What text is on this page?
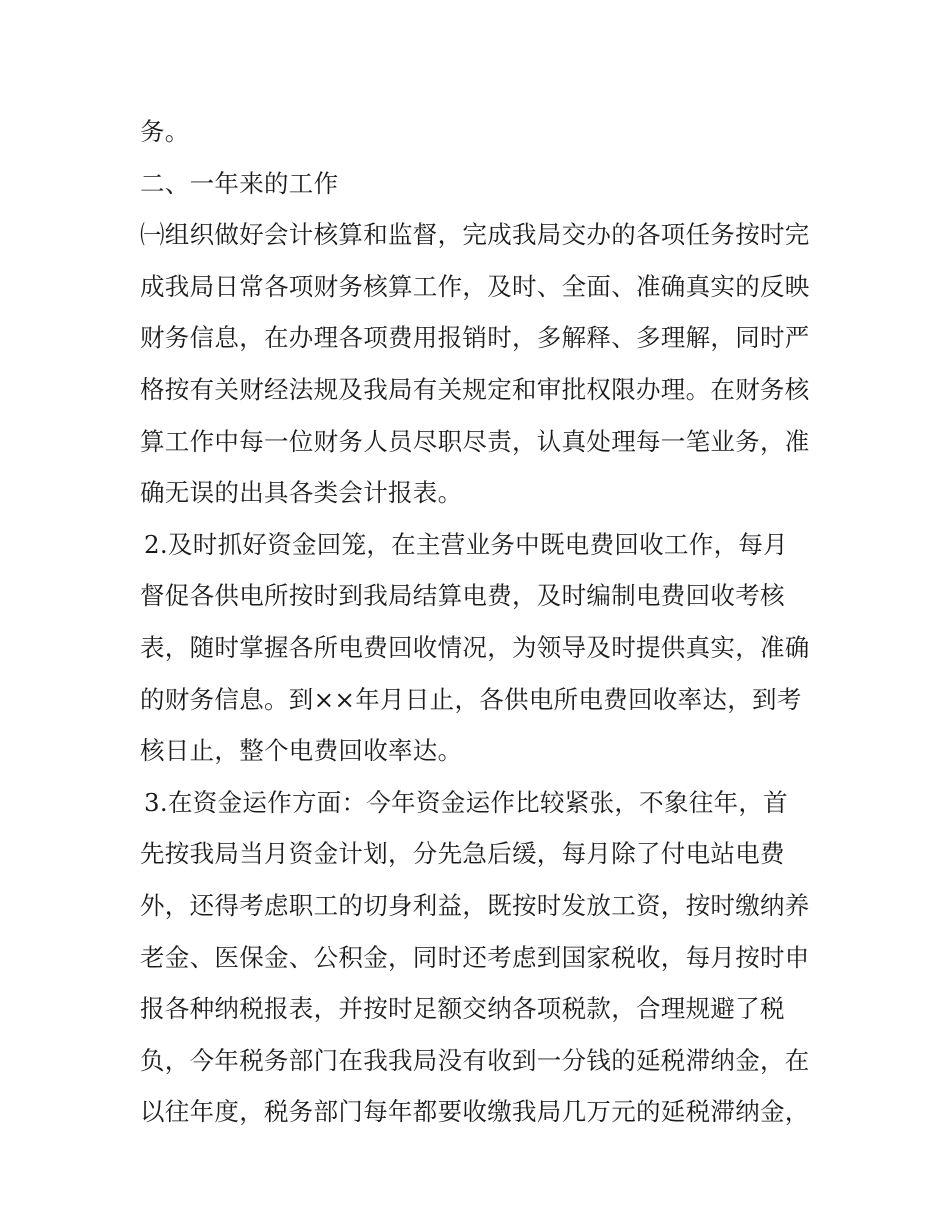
务。
二、一年来的工作
㈠组织做好会计核算和监督，完成我局交办的各项任务按时完
成我局日常各项财务核算工作，及时、全面、准确真实的反映
财务信息，在办理各项费用报销时，多解释、多理解，同时严
格按有关财经法规及我局有关规定和审批权限办理。在财务核
算工作中每一位财务人员尽职尽责，认真处理每一笔业务，准
确无误的出具各类会计报表。
2.及时抓好资金回笼，在主营业务中既电费回收工作，每月
督促各供电所按时到我局结算电费，及时编制电费回收考核
表，随时掌握各所电费回收情况，为领导及时提供真实，准确
的财务信息。到××年月日止，各供电所电费回收率达，到考
核日止，整个电费回收率达。
3.在资金运作方面：今年资金运作比较紧张，不象往年，首
先按我局当月资金计划，分先急后缓，每月除了付电站电费
外，还得考虑职工的切身利益，既按时发放工资，按时缴纳养
老金、医保金、公积金，同时还考虑到国家税收，每月按时申
报各种纳税报表，并按时足额交纳各项税款，合理规避了税
负，今年税务部门在我我局没有收到一分钱的延税滞纳金，在
以往年度，税务部门每年都要收缴我局几万元的延税滞纳金，
